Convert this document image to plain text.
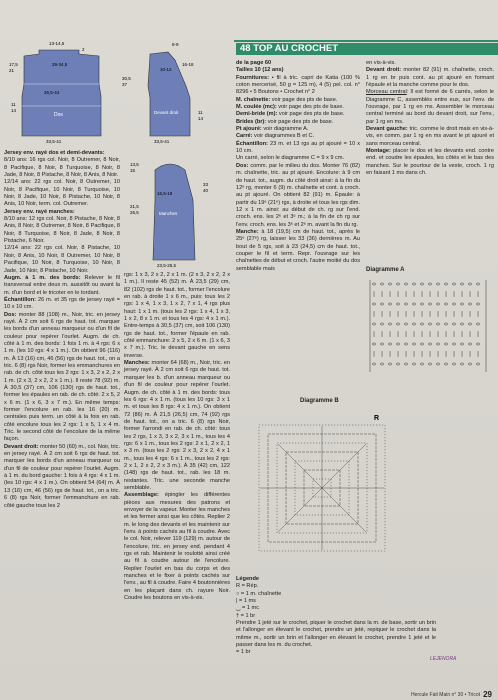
Dos
13-14,5
2
29-34,5
36,5-44
17,5
21
11
14
33,5-41
Devant droit
8-9
16-18
10-12
30,5
37
11
14
33,5-41
Manches
13,5
15
16,5-19
33
40
21,5
26,5
23,5-25,5

Jersey env. rayé dos et demi-devants:

8/10 ans: 16 rgs col. Noir, 8 Outremer, 8 Noir, 8 Pacifique, 8 Noir, 8 Turquoise, 8 Noir, 8 Jade, 8 Noir, 8 Pistache, 8 Noir, 8 Anis, 8 Noir.

12/14 ans: 22 rgs col. Noir, 8 Outremer, 10 Noir, 8 Pacifique, 10 Noir, 8 Turquoise, 10 Noir, 8 Jade, 10 Noir, 8 Pistache, 10 Noir, 8 Anis, 10 Noir, term. col. Outremer.

Jersey env. rayé manches:

8/10 ans: 12 rgs col. Noir, 8 Pistache, 8 Noir, 8 Anis, 8 Noir, 8 Outremer, 8 Noir, 8 Pacifique, 8 Noir, 8 Turquoise, 8 Noir, 8 Jade, 8 Noir, 8 Pistache, 6 Noir.

12/14 ans: 22 rgs col. Noir, 8 Pistache, 10 Noir, 8 Anis, 10 Noir, 8 Outremer, 10 Noir, 8 Pacifique, 10 Noir, 8 Turquoise, 10 Noir, 8 Jade, 10 Noir, 8 Pistache, 10 Noir.

Augm. à 1 m. des bords: Relever le fil transversal entre deux m. aussitôt ou avant la m. d'un bord et le tricoter en le tordant.

Échantillon: 26 m. et 35 rgs de jersey rayé = 10 x 10 cm.

Dos: monter 88 (108) m., Noir, tric. en jersey rayé. À 2 cm soit 6 rgs de haut. tot. marquer les bords d'un anneau marqueur ou d'un fil de couleur pour repérer l'ourlet. Augm. de ch. côté à 1 m. des bords: 1 fois 1 m. à 4 rgs: 6 x 1 m. (les 10 rgs: 4 x 1 m.). On obtient 96 (116) m. À 13 (16) cm, 46 (56) rgs de haut. tot., on a tric. 6 (8) rgs Noir, former les emmanchures en rab. de ch. côté tous les 2 rgs: 1 x 3, 2 x 2, 2 x 1 m. (2 x 3, 2 x 2, 2 x 1 m.). Il reste 78 (92) m. À 30,5 (37) cm, 106 (130) rgs de haut. tot., former les épaules en rab. de ch. côté: 2 x 5, 2 x 6 m. (1 x 6, 3 x 7 m.). En même temps: former l'encolure en rab. les 16 (20) m. centrales puis term. un côté à la fois en rab. côté encolure tous les 2 rgs: 1 x 5, 1 x 4 m. Tric. le second côté de l'encolure de la même façon.

Devant droit: monter 50 (60) m., col. Noir, tric. en jersey rayé. À 2 cm soit 6 rgs de haut. tot. marquer les bords d'un anneau marqueur ou d'un fil de couleur pour repérer l'ourlet. Augm. à 1 m. du bord gauche: 1 fois à 4 rgs: 4 x 1 m. (les 10 rgs: 4 x 1 m.). On obtient 54 (64) m. À 13 (16) cm, 46 (56) rgs de haut. tot., on a tric. 6 (8) rgs Noir, former l'emmanchure en rab. côté gauche tous les 2

rgs: 1 x 3, 2 x 2, 2 x 1 m. (2 x 3, 2 x 2, 2 x 1 m.). Il reste 45 (52) m. À 23,5 (29) cm, 82 (102) rgs de haut. tot., former l'encolure en rab. à droite 1 x 6 m., puis: tous les 2 rgs: 1 x 4, 1 x 3, 1 x 2, 7 x 1, 4 rgs plus haut: 1 x 1 m. (tous les 2 rgs: 1 x 4, 1 x 3, 1 x 2, 8 x 1 m. et tous les 4 rgs: 4 x 1 m.). Entre-temps à 30,5 (37) cm, soit 106 (130) rgs de haut. tot., former l'épaule en rab. côté emmanchure: 2 x 5, 2 x 6 m. (1 x 6, 3 x 7 m.). Tric. le devant gauche en sens inverse.

Manches: monter 64 (68) m., Noir, tric. en jersey rayé. À 2 cm soit 6 rgs de haut. tot. marquer les b. d'un anneau marqueur ou d'un fil de couleur pour repérer l'ourlet. Augm. de ch. côté à 1 m. des bords: tous les 6 rgs: 4 x 1 m. (tous les 10 rgs: 3 x 1 m. et tous les 8 rgs: 4 x 1 m.). On obtient 72 (86) m. À 21,5 (26,5) cm, 74 (92) rgs de haut. tot., on a tric. 6 (8) rgs Noir, former l'arrondi en rab. de ch. côté: tous les 2 rgs, 1 x 3, 3 x 2, 3 x 1 m., tous les 4 rgs: 6 x 1 m., tous les 2 rgs: 2 x 1, 2 x 2, 1 x 3 m. (tous les 2 rgs: 2 x 3, 2 x 2, 4 x 1 m., tous les 4 rgs: 6 x 1 m., tous les 2 rgs: 2 x 1, 2 x 2, 2 x 3 m.). À 35 (42) cm, 122 (148) rgs de haut. tot., rab. les 18 m. restantes. Tric. une seconde manche semblable.

Assemblage: épingler les différentes pièces aux mesures des patrons et envoyer de la vapeur. Monter les manches et les fermer ainsi que les côtés. Replier 2 m. le long des devants et les maintenir sur l'env. à points cachés au fil à coudre. Avec le col. Noir, relever 119 (129) m. autour de l'encolure, tric. en jersey end. pendant 4 rgs et rab. Maintenir le roulotté ainsi créé au fil à coudre autour de l'encolure. Replier l'ourlet en bas du corps et des manches et le fixer à points cachés sur l'env., au fil à coudre. Faire 4 boutonnières en les plaçant dans ch. rayure Noir. Coudre les boutons en vis-à-vis.

48 TOP AU CROCHET

de la page 60

Tailles 10 (12 ans)

Fournitures: • fil à tric. capri de Katia (100 % coton mercerisé, 50 g = 125 m), 4 (5) pel. col. n° 8296 • 5 Boutons • Crochet n° 2

M. chaînette: voir page des pts de base.

M. coulée (mc): voir page des pts de base.

Demi-bride (m): voir page des pts de base.

Brides (br): voir page des pts de base.

Pt ajouré: voir diagramme A.

Carré: voir diagrammes B et C.

Échantillon: 23 m. et 13 rgs au pt ajouré = 10 x 10 cm.

Un carré, selon le diagramme C = 9 x 9 cm.

Dos: comm. par le milieu du dos. Monter 76 (82) m. chaînette, tric. au pt ajouré. Encolure: à 9 cm de haut. tot., augm. du côté droit ainsi: à la fin du 12ᵉ rg, monter 6 (9) m. chaînette et cont. à croch. au pt ajouré. On obtient 82 (91) m. Épaule: à partir du 19ᵉ (21ᵉ) rgs, à droite et tous les rgs dim. 12 x 1 m. ainsi: au début de ch. rg sur l'end. croch. ens. les 2ᵉ et 3ᵉ m.; à la fin de ch rg sur l'env. croch. ens. les 3ᵉ et 2ᵉ m. avant la fin du rg.

Manche: à 18 (19,5) cm de haut. tot., après le 25ᵉ (27ᵉ) rg, laisser les 33 (36) dernières m. Au bout de 5 rgs, soit à 23 (24,5) cm de haut. tot., couper le fil et term. Repr. l'ouvrage sur les chaînettes de début et croch. l'autre moitié du dos semblable mais

en vis-à-vis.

Devant droit: monter 82 (91) m. chaînette, croch. 1 rg en br puis cont. au pt ajouré en formant l'épaule et la manche comme pour le dos.

Morceau central: Il est formé de 6 carrés, selon le Diagramme C, assemblés entre eux, sur l'env. de l'ouvrage, par 1 rg en ms. Assembler le morceau central terminé au bord du devant droit, sur l'env., par 1 rg en ms.

Devant gauche: tric. comme le droit mais en vis-à-vis, en comm. par 1 rg en ms avant le pt ajouré et sans morceau central.

Montage: placer le dos et les devants end. contre end. et coudre les épaules, les côtés et le bas des manches. Sur le pourtour de la veste, croch. 1 rg en faisant 1 ms dans ch.

Diagramme A
Diagramme B
R

Légende

R = Rép.

○ = 1 m. chaînette

| = 1 ms

‿ = 1 mc

† = 1 br

Prendre 1 jeté sur le crochet, piquer le crochet dans la m. de base, sortir un brin et l'allonger en élevant le crochet, prendre un jeté, repiquer le crochet dans la même m., sortir un brin et l'allonger en élevant le crochet, prendre 1 jeté et le passer dans les m. du crochet.

= 1 br

LEJENORA
Hercule Fait Main n° 30 • Tricot 29
